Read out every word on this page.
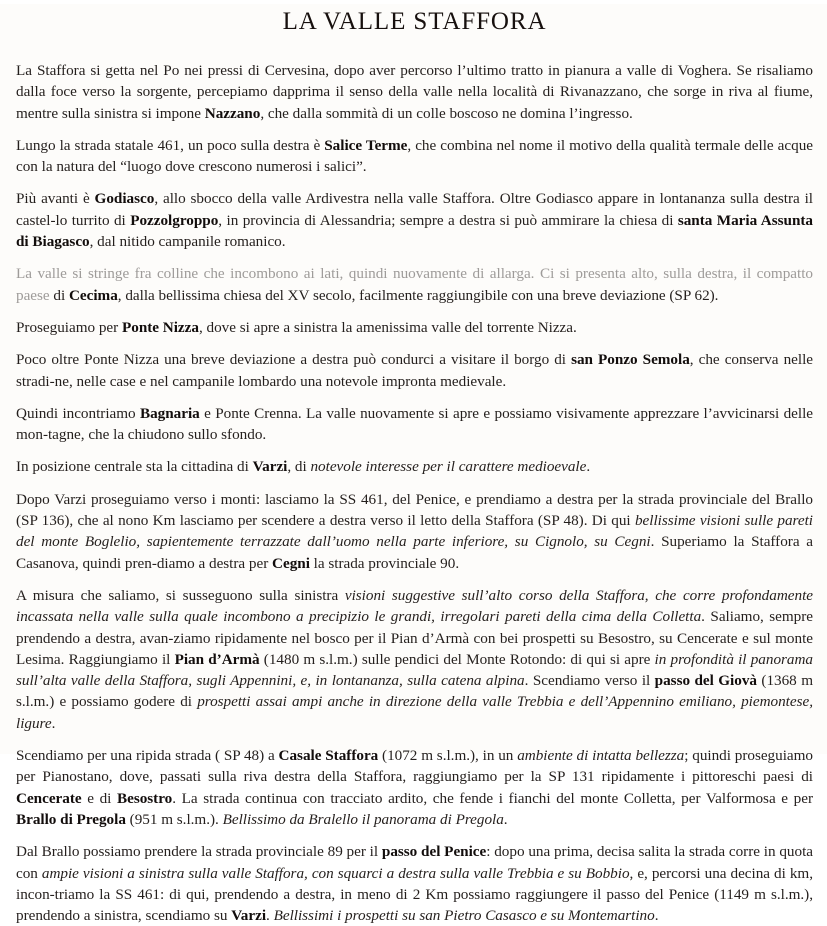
LA VALLE STAFFORA

La Staffora si getta nel Po nei pressi di Cervesina, dopo aver percorso l’ultimo tratto in pianura a valle di Voghera. Se risaliamo dalla foce verso la sorgente, percepiamo dapprima il senso della valle nella località di Rivanazzano, che sorge in riva al fiume, mentre sulla sinistra si impone Nazzano, che dalla sommità di un colle boscoso ne domina l’ingresso.

Lungo la strada statale 461, un poco sulla destra è Salice Terme, che combina nel nome il motivo della qualità termale delle acque con la natura del “luogo dove crescono numerosi i salici”.

Più avanti è Godiasco, allo sbocco della valle Ardivestra nella valle Staffora. Oltre Godiasco appare in lontananza sulla destra il castel-lo turrito di Pozzolgroppo, in provincia di Alessandria; sempre a destra si può ammirare la chiesa di santa Maria Assunta di Biagasco, dal nitido campanile romanico.

La valle si stringe fra colline che incombono ai lati, quindi nuovamente di allarga. Ci si presenta alto, sulla destra, il compatto paese di Cecima, dalla bellissima chiesa del XV secolo, facilmente raggiungibile con una breve deviazione (SP 62).

Proseguiamo per Ponte Nizza, dove si apre a sinistra la amenissima valle del torrente Nizza.

Poco oltre Ponte Nizza una breve deviazione a destra può condurci a visitare il borgo di san Ponzo Semola, che conserva nelle stradi-ne, nelle case e nel campanile lombardo una notevole impronta medievale.

Quindi incontriamo Bagnaria e Ponte Crenna. La valle nuovamente si apre e possiamo visivamente apprezzare l’avvicinarsi delle mon-tagne, che la chiudono sullo sfondo.

In posizione centrale sta la cittadina di Varzi, di notevole interesse per il carattere medioevale.

Dopo Varzi proseguiamo verso i monti: lasciamo la SS 461, del Penice, e prendiamo a destra per la strada provinciale del Brallo (SP 136), che al nono Km lasciamo per scendere a destra verso il letto della Staffora (SP 48). Di qui bellissime visioni sulle pareti del monte Boglelio, sapientemente terrazzate dall’uomo nella parte inferiore, su Cignolo, su Cegni. Superiamo la Staffora a Casanova, quindi pren-diamo a destra per Cegni la strada provinciale 90.

A misura che saliamo, si susseguono sulla sinistra visioni suggestive sull’alto corso della Staffora, che corre profondamente incassata nella valle sulla quale incombono a precipizio le grandi, irregolari pareti della cima della Colletta. Saliamo, sempre prendendo a destra, avan-ziamo ripidamente nel bosco per il Pian d’Armà con bei prospetti su Besostro, su Cencerate e sul monte Lesima. Raggiungiamo il Pian d’Armà (1480 m s.l.m.) sulle pendici del Monte Rotondo: di qui si apre in profondità il panorama sull’alta valle della Staffora, sugli Appennini, e, in lontananza, sulla catena alpina. Scendiamo verso il passo del Giovà (1368 m s.l.m.) e possiamo godere di prospetti assai ampi anche in direzione della valle Trebbia e dell’Appennino emiliano, piemontese, ligure.

Scendiamo per una ripida strada ( SP 48) a Casale Staffora (1072 m s.l.m.), in un ambiente di intatta bellezza; quindi proseguiamo per Pianostano, dove, passati sulla riva destra della Staffora, raggiungiamo per la SP 131 ripidamente i pittoreschi paesi di Cencerate e di Besostro. La strada continua con tracciato ardito, che fende i fianchi del monte Colletta, per Valformosa e per Brallo di Pregola (951 m s.l.m.). Bellissimo da Bralello il panorama di Pregola.

Dal Brallo possiamo prendere la strada provinciale 89 per il passo del Penice: dopo una prima, decisa salita la strada corre in quota con ampie visioni a sinistra sulla valle Staffora, con squarci a destra sulla valle Trebbia e su Bobbio, e, percorsi una decina di km, incon-triamo la SS 461: di qui, prendendo a destra, in meno di 2 Km possiamo raggiungere il passo del Penice (1149 m s.l.m.), prendendo a sinistra, scendiamo su Varzi. Bellissimi i prospetti su san Pietro Casasco e su Montemartino.
